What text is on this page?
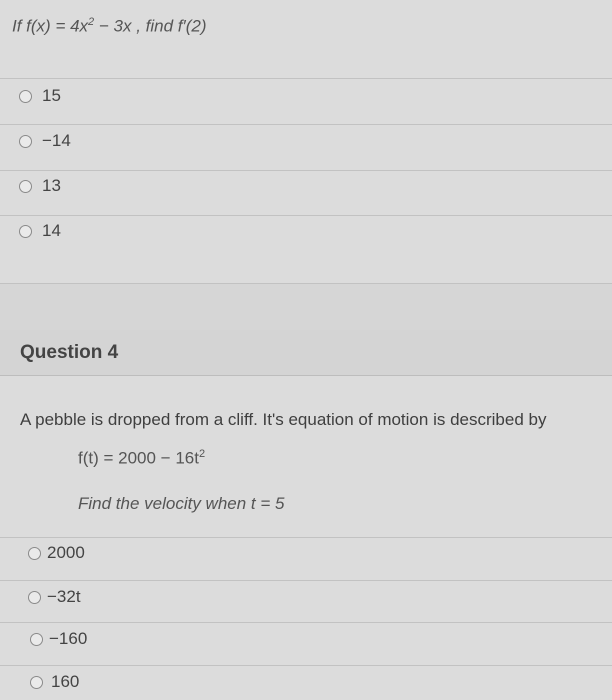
If $f(x) = 4x^2 - 3x$ , find f′(2)
15
−14
13
14
Question 4
A pebble is dropped from a cliff. It's equation of motion is described by
$f(t) = 2000 - 16t^2$
Find the velocity when t = 5
2000
−32t
−160
160
